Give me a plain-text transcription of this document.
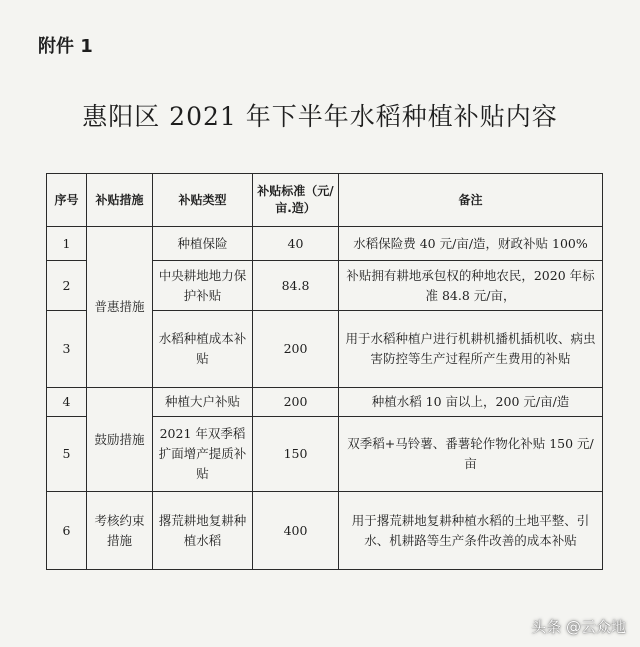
附件 1
惠阳区 2021 年下半年水稻种植补贴内容
序号	补贴措施	补贴类型	补贴标准（元/亩.造）	备注
1	普惠措施	种植保险	40	水稻保险费 40 元/亩/造，财政补贴 100%
2		中央耕地地力保护补贴	84.8	补贴拥有耕地承包权的种地农民，2020 年标准 84.8 元/亩，
3		水稻种植成本补贴	200	用于水稻种植户进行机耕机播机插机收、病虫害防控等生产过程所产生费用的补贴
4	鼓励措施	种植大户补贴	200	种植水稻 10 亩以上，200 元/亩/造
5		2021 年双季稻扩面增产提质补贴	150	双季稻+马铃薯、番薯轮作物化补贴 150 元/亩
6	考核约束措施	撂荒耕地复耕种植水稻	400	用于撂荒耕地复耕种植水稻的土地平整、引水、机耕路等生产条件改善的成本补贴
头条 @云众地
